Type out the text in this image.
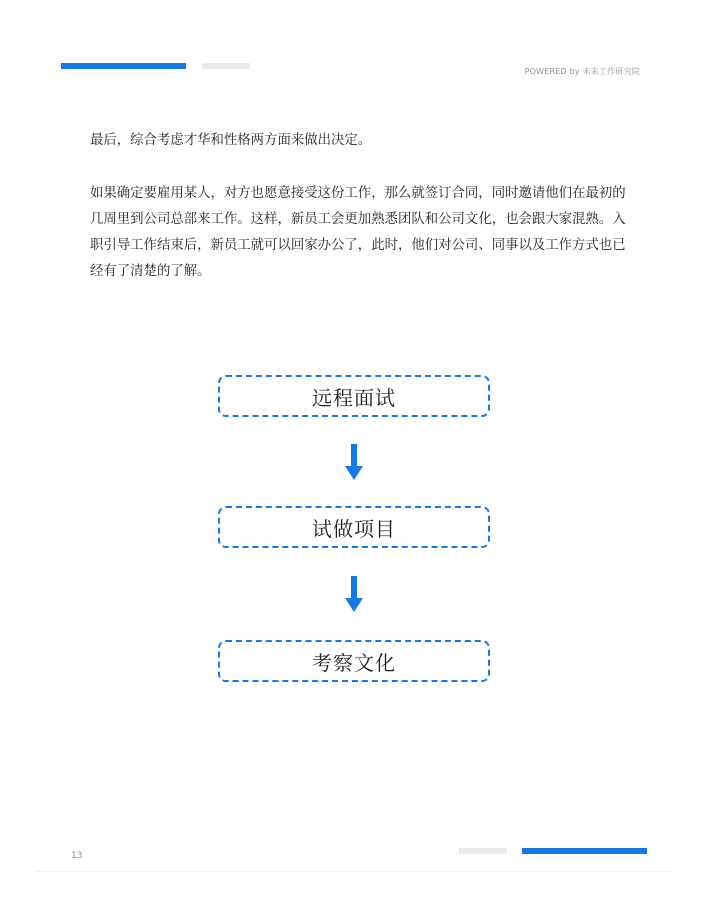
POWERED by 未来工作研究院

最后，综合考虑才华和性格两方面来做出决定。

如果确定要雇用某人，对方也愿意接受这份工作，那么就签订合同，同时邀请他们在最初的几周里到公司总部来工作。这样，新员工会更加熟悉团队和公司文化，也会跟大家混熟。入职引导工作结束后，新员工就可以回家办公了，此时，他们对公司、同事以及工作方式也已经有了清楚的了解。

远程面试
试做项目
考察文化
13
